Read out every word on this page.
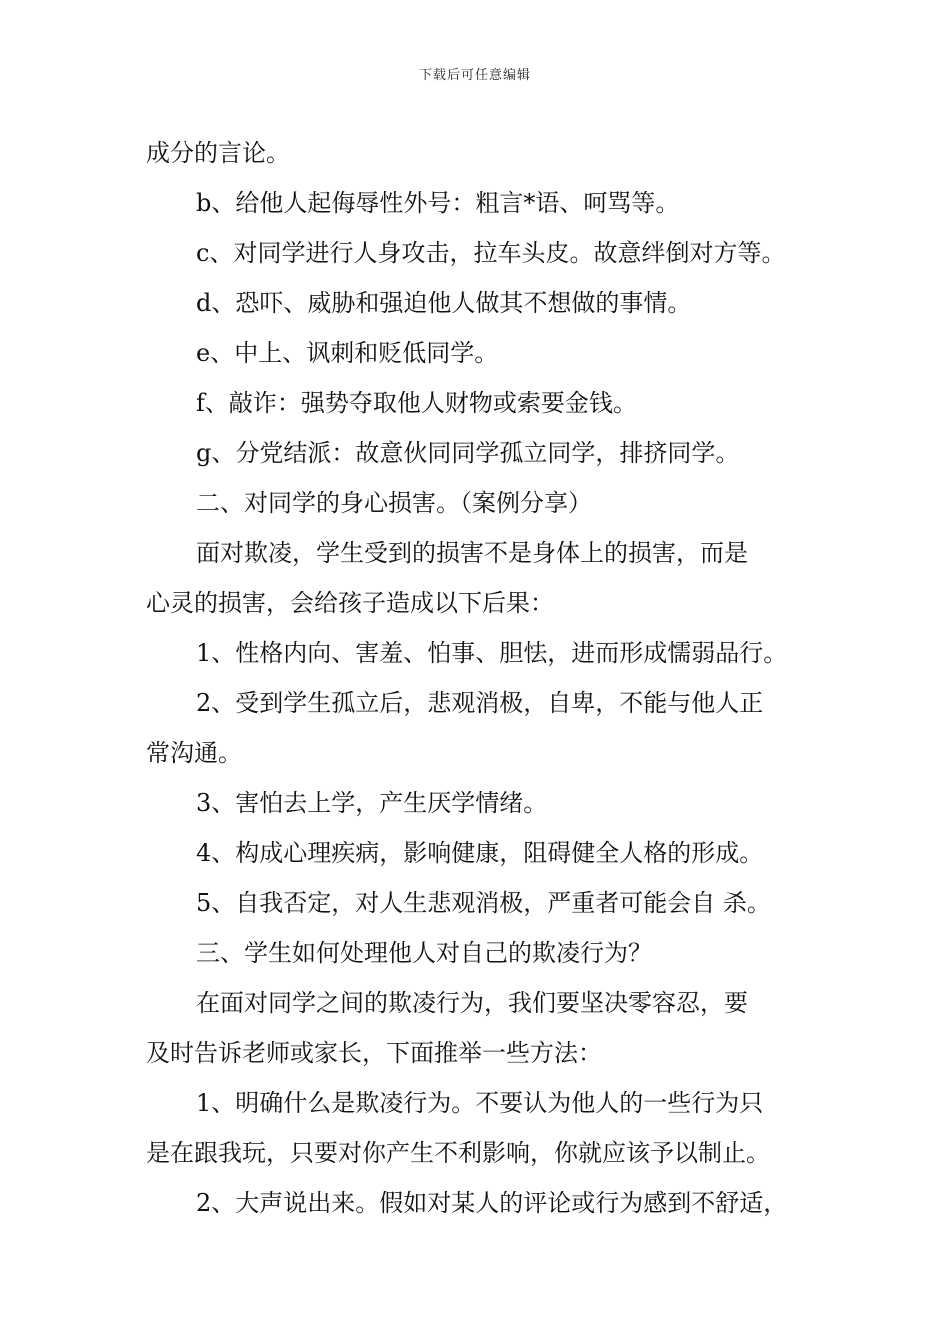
下载后可任意编辑
成分的言论。
b、给他人起侮辱性外号：粗言*语、呵骂等。
c、对同学进行人身攻击，拉车头皮。故意绊倒对方等。
d、恐吓、威胁和强迫他人做其不想做的事情。
e、中上、讽刺和贬低同学。
f、敲诈：强势夺取他人财物或索要金钱。
g、分党结派：故意伙同同学孤立同学，排挤同学。
二、对同学的身心损害。（案例分享）
面对欺凌，学生受到的损害不是身体上的损害，而是
心灵的损害，会给孩子造成以下后果：
1、性格内向、害羞、怕事、胆怯，进而形成懦弱品行。
2、受到学生孤立后，悲观消极，自卑，不能与他人正
常沟通。
3、害怕去上学，产生厌学情绪。
4、构成心理疾病，影响健康，阻碍健全人格的形成。
5、自我否定，对人生悲观消极，严重者可能会自 杀。
三、学生如何处理他人对自己的欺凌行为？
在面对同学之间的欺凌行为，我们要坚决零容忍，要
及时告诉老师或家长，下面推举一些方法：
1、明确什么是欺凌行为。不要认为他人的一些行为只
是在跟我玩，只要对你产生不利影响，你就应该予以制止。
2、大声说出来。假如对某人的评论或行为感到不舒适，
